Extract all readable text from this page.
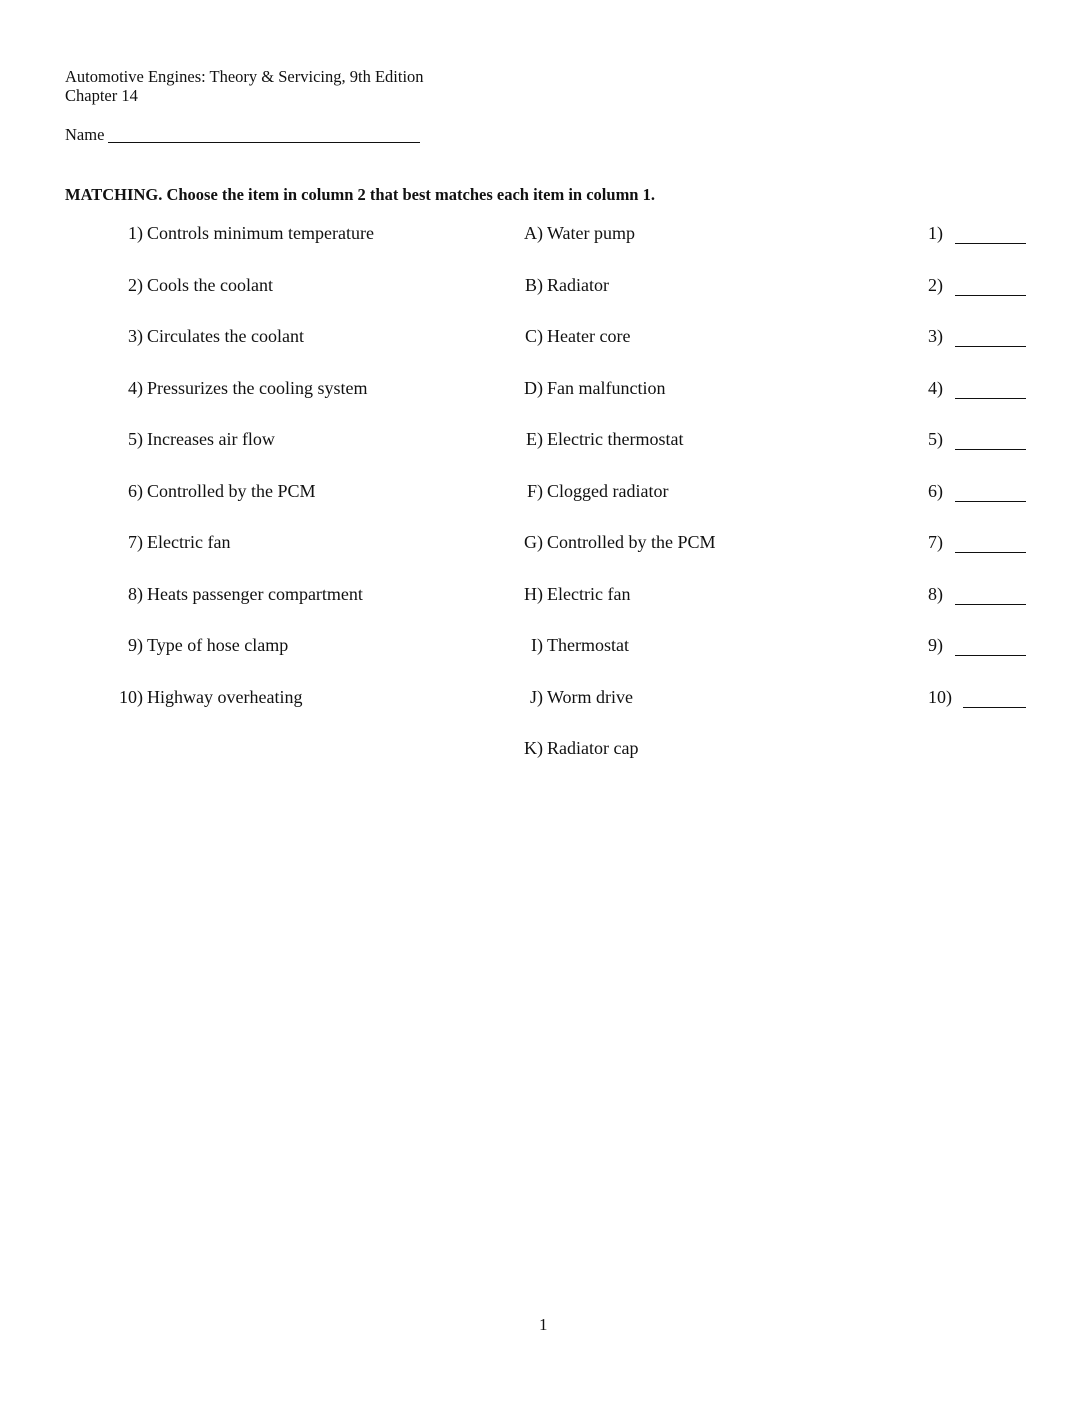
Automotive Engines: Theory & Servicing, 9th Edition
Chapter 14
Name
MATCHING. Choose the item in column 2 that best matches each item in column 1.
1) Controls minimum temperature
2) Cools the coolant
3) Circulates the coolant
4) Pressurizes the cooling system
5) Increases air flow
6) Controlled by the PCM
7) Electric fan
8) Heats passenger compartment
9) Type of hose clamp
10) Highway overheating
A) Water pump
B) Radiator
C) Heater core
D) Fan malfunction
E) Electric thermostat
F) Clogged radiator
G) Controlled by the PCM
H) Electric fan
I) Thermostat
J) Worm drive
K) Radiator cap
1)
2)
3)
4)
5)
6)
7)
8)
9)
10)
1
